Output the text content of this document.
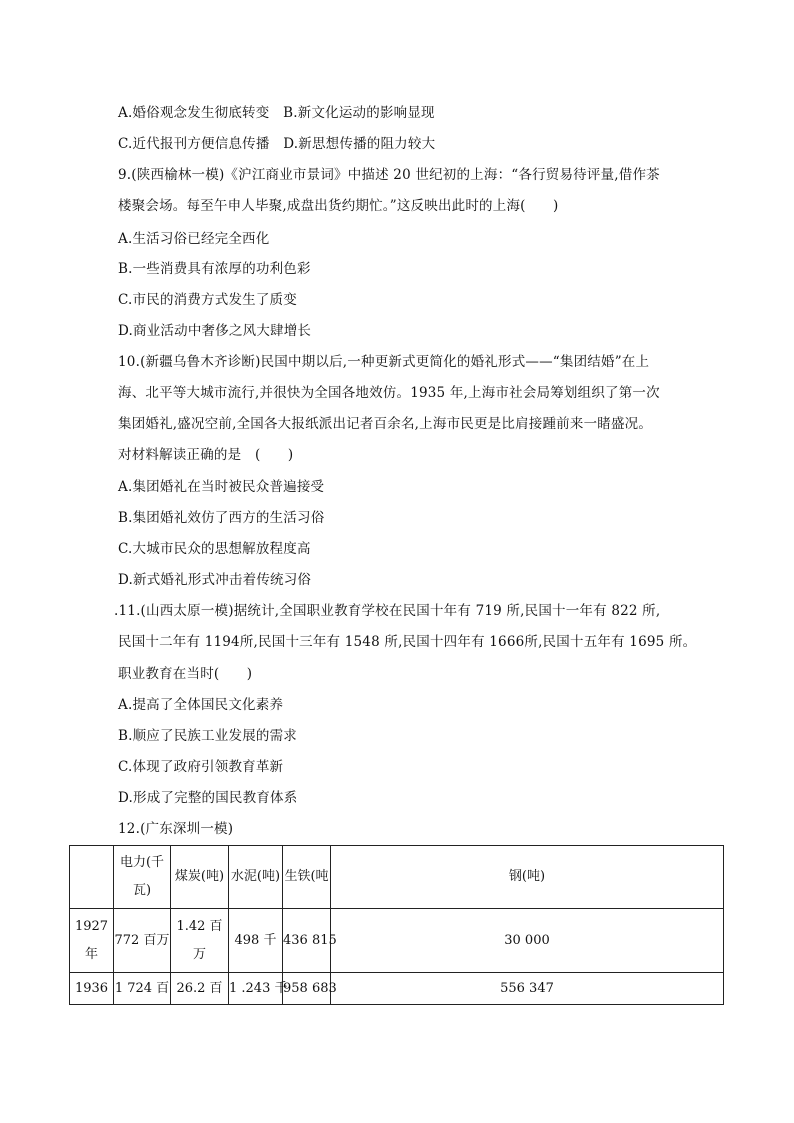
A.婚俗观念发生彻底转变　B.新文化运动的影响显现
C.近代报刊方便信息传播　D.新思想传播的阻力较大
9.(陕西榆林一模)《沪江商业市景词》中描述 20 世纪初的上海：“各行贸易待评量,借作茶
楼聚会场。每至午申人毕聚,成盘出货约期忙。”这反映出此时的上海(　　)
A.生活习俗已经完全西化
B.一些消费具有浓厚的功利色彩
C.市民的消费方式发生了质变
D.商业活动中奢侈之风大肆增长
10.(新疆乌鲁木齐诊断)民国中期以后,一种更新式更简化的婚礼形式——“集团结婚”在上
海、北平等大城市流行,并很快为全国各地效仿。1935 年,上海市社会局筹划组织了第一次
集团婚礼,盛况空前,全国各大报纸派出记者百余名,上海市民更是比肩接踵前来一睹盛况。
对材料解读正确的是　(　　)
A.集团婚礼在当时被民众普遍接受
B.集团婚礼效仿了西方的生活习俗
C.大城市民众的思想解放程度高
D.新式婚礼形式冲击着传统习俗
.11.(山西太原一模)据统计,全国职业教育学校在民国十年有 719 所,民国十一年有 822 所,
民国十二年有 1194所,民国十三年有 1548 所,民国十四年有 1666所,民国十五年有 1695 所。
职业教育在当时(　　)
A.提高了全体国民文化素养
B.顺应了民族工业发展的需求
C.体现了政府引领教育革新
D.形成了完整的国民教育体系
12.(广东深圳一模)
	电力(千瓦)	煤炭(吨)	水泥(吨)	生铁(吨	钢(吨)
1927年	772 百万	1.42 百万	498 千	436 815	30 000
1936	1 724 百	26.2 百	1 .243 千	958 683	556 347
